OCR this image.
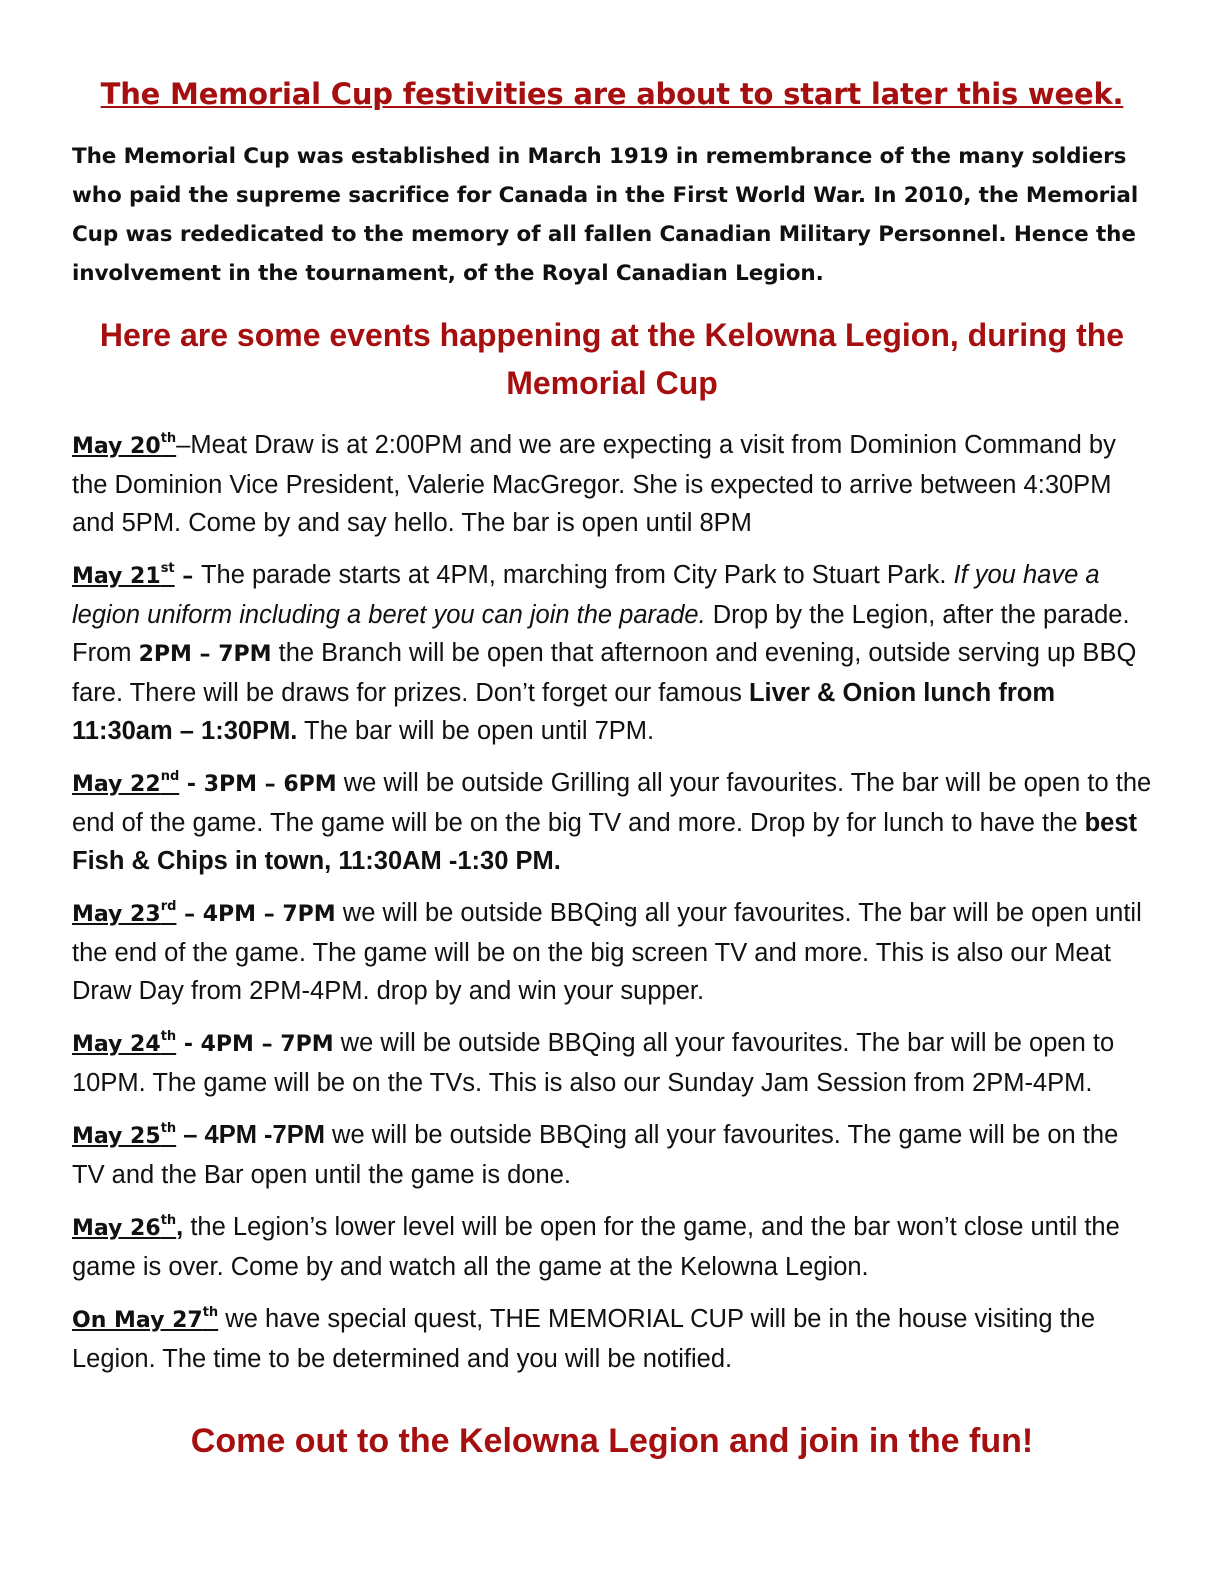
The Memorial Cup festivities are about to start later this week.
The Memorial Cup was established in March 1919 in remembrance of the many soldiers who paid the supreme sacrifice for Canada in the First World War. In 2010, the Memorial Cup was rededicated to the memory of all fallen Canadian Military Personnel. Hence the involvement in the tournament, of the Royal Canadian Legion.
Here are some events happening at the Kelowna Legion, during the Memorial Cup
May 20th–Meat Draw is at 2:00PM and we are expecting a visit from Dominion Command by the Dominion Vice President, Valerie MacGregor. She is expected to arrive between 4:30PM and 5PM. Come by and say hello. The bar is open until 8PM
May 21st – The parade starts at 4PM, marching from City Park to Stuart Park. If you have a legion uniform including a beret you can join the parade. Drop by the Legion, after the parade. From 2PM – 7PM the Branch will be open that afternoon and evening, outside serving up BBQ fare. There will be draws for prizes. Don’t forget our famous Liver & Onion lunch from 11:30am – 1:30PM. The bar will be open until 7PM.
May 22nd - 3PM – 6PM we will be outside Grilling all your favourites. The bar will be open to the end of the game. The game will be on the big TV and more. Drop by for lunch to have the best Fish & Chips in town, 11:30AM -1:30 PM.
May 23rd – 4PM – 7PM we will be outside BBQing all your favourites. The bar will be open until the end of the game. The game will be on the big screen TV and more. This is also our Meat Draw Day from 2PM-4PM. drop by and win your supper.
May 24th - 4PM – 7PM we will be outside BBQing all your favourites. The bar will be open to 10PM. The game will be on the TVs. This is also our Sunday Jam Session from 2PM-4PM.
May 25th – 4PM -7PM we will be outside BBQing all your favourites. The game will be on the TV and the Bar open until the game is done.
May 26th, the Legion’s lower level will be open for the game, and the bar won’t close until the game is over. Come by and watch all the game at the Kelowna Legion.
On May 27th we have special quest, THE MEMORIAL CUP will be in the house visiting the Legion. The time to be determined and you will be notified.
Come out to the Kelowna Legion and join in the fun!
